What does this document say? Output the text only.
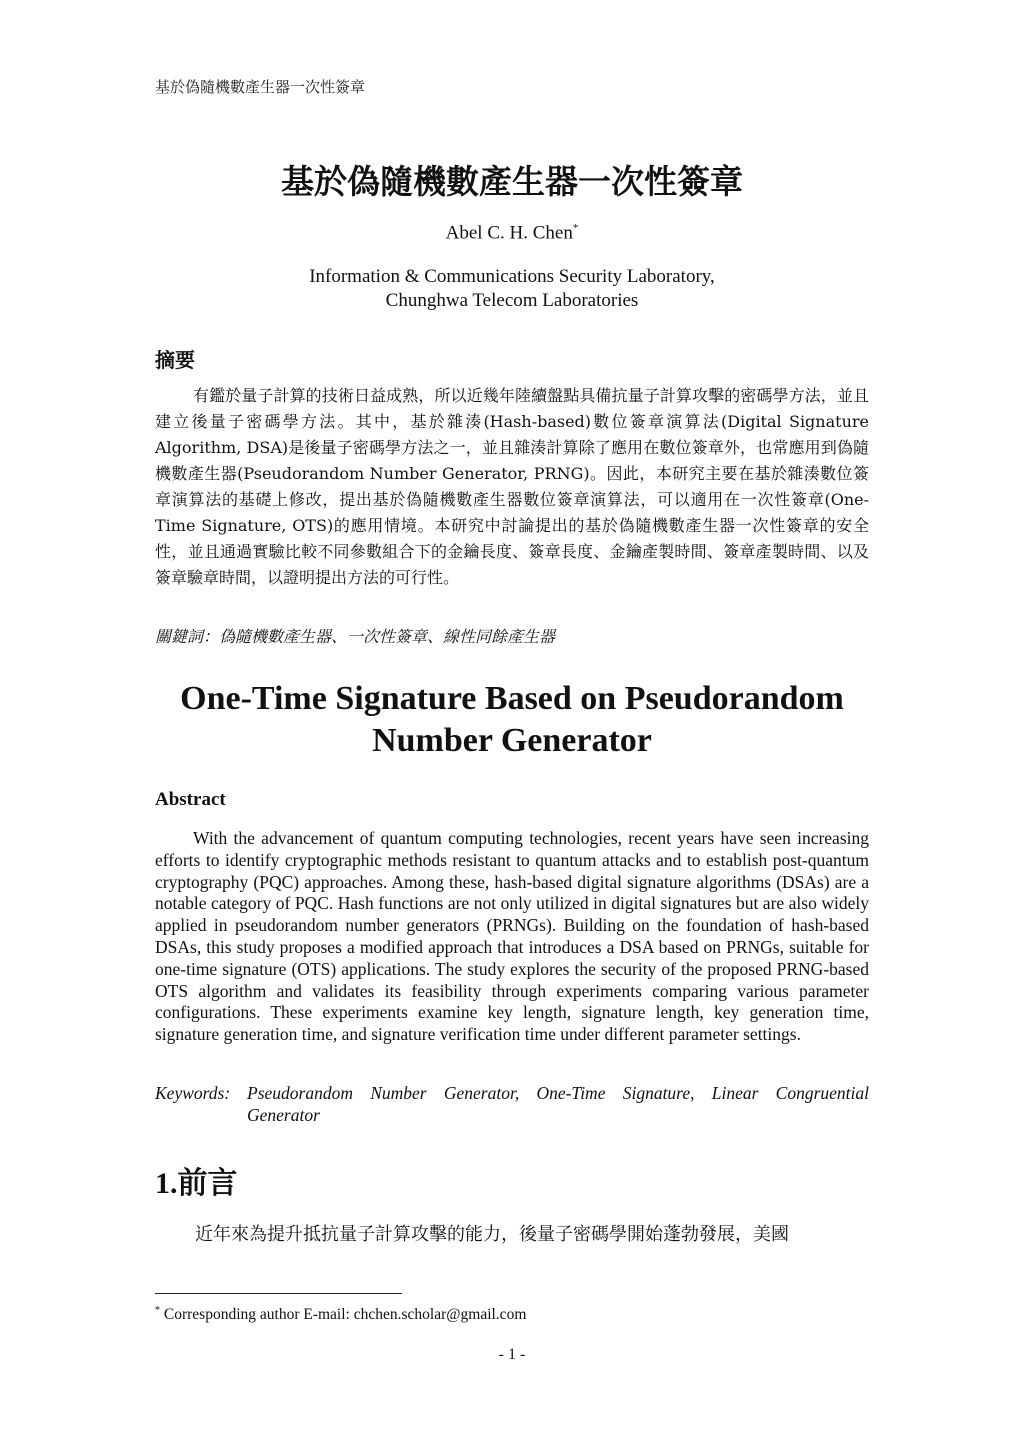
基於偽隨機數產生器一次性簽章
基於偽隨機數產生器一次性簽章
Abel C. H. Chen*
Information & Communications Security Laboratory,
Chunghwa Telecom Laboratories
摘要
有鑑於量子計算的技術日益成熟，所以近幾年陸續盤點具備抗量子計算攻擊的密碼學方法，並且建立後量子密碼學方法。其中，基於雜湊(Hash-based)數位簽章演算法(Digital Signature Algorithm, DSA)是後量子密碼學方法之一，並且雜湊計算除了應用在數位簽章外，也常應用到偽隨機數產生器(Pseudorandom Number Generator, PRNG)。因此，本研究主要在基於雜湊數位簽章演算法的基礎上修改，提出基於偽隨機數產生器數位簽章演算法，可以適用在一次性簽章(One-Time Signature, OTS)的應用情境。本研究中討論提出的基於偽隨機數產生器一次性簽章的安全性，並且通過實驗比較不同參數組合下的金鑰長度、簽章長度、金鑰產製時間、簽章產製時間、以及簽章驗章時間，以證明提出方法的可行性。
關鍵詞：偽隨機數產生器、一次性簽章、線性同餘產生器
One-Time Signature Based on Pseudorandom
Number Generator
Abstract
With the advancement of quantum computing technologies, recent years have seen increasing efforts to identify cryptographic methods resistant to quantum attacks and to establish post-quantum cryptography (PQC) approaches. Among these, hash-based digital signature algorithms (DSAs) are a notable category of PQC. Hash functions are not only utilized in digital signatures but are also widely applied in pseudorandom number generators (PRNGs). Building on the foundation of hash-based DSAs, this study proposes a modified approach that introduces a DSA based on PRNGs, suitable for one-time signature (OTS) applications. The study explores the security of the proposed PRNG-based OTS algorithm and validates its feasibility through experiments comparing various parameter configurations. These experiments examine key length, signature length, key generation time, signature generation time, and signature verification time under different parameter settings.
Keywords: Pseudorandom Number Generator, One-Time Signature, Linear Congruential Generator
1.前言
近年來為提升抵抗量子計算攻擊的能力，後量子密碼學開始蓬勃發展，美國
* Corresponding author E-mail: chchen.scholar@gmail.com
- 1 -
